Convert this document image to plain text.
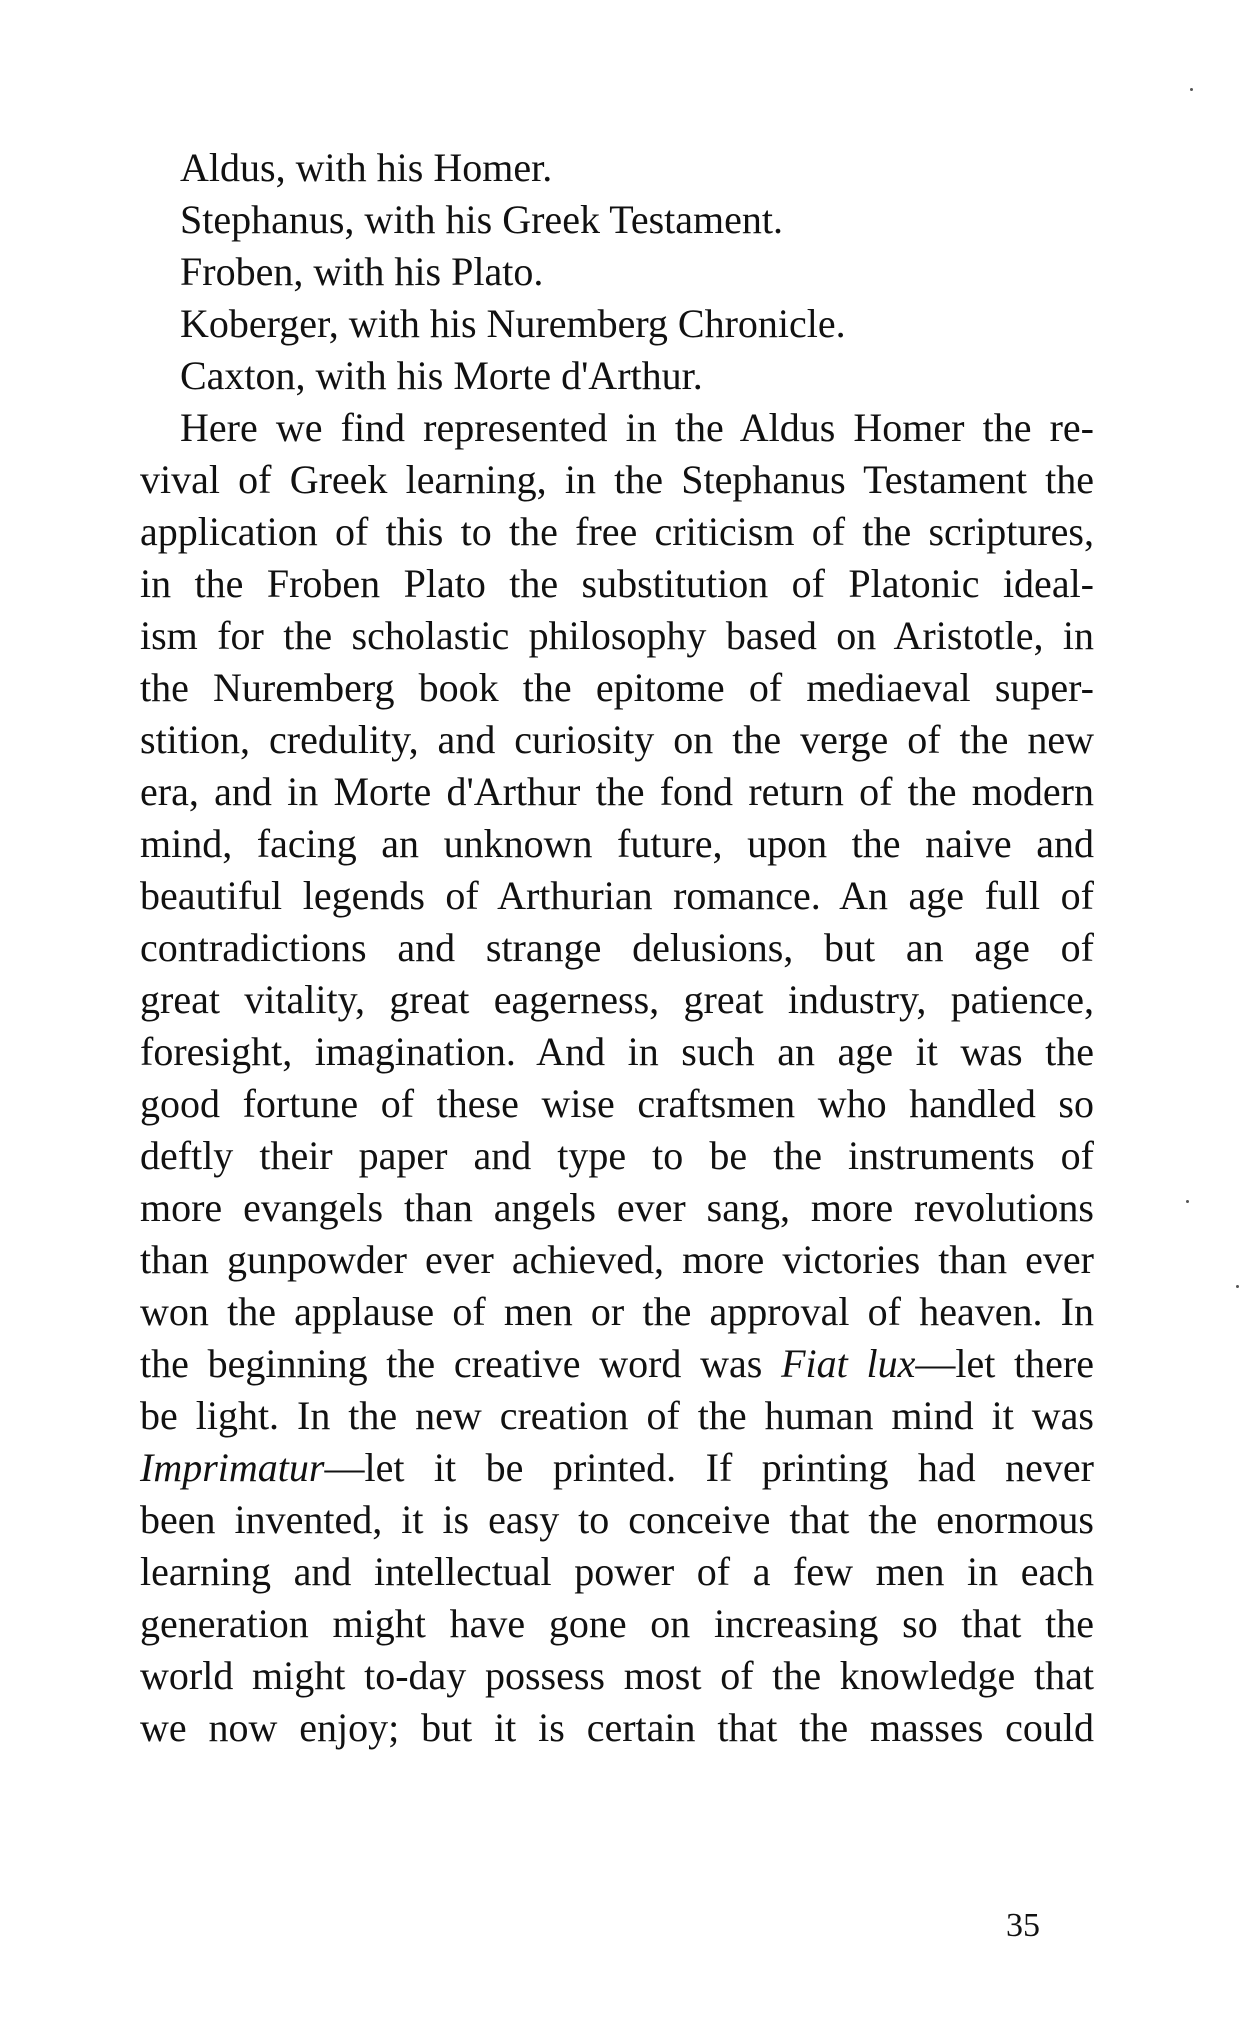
Aldus, with his Homer.
Stephanus, with his Greek Testament.
Froben, with his Plato.
Koberger, with his Nuremberg Chronicle.
Caxton, with his Morte d'Arthur.
Here we find represented in the Aldus Homer the re-
vival of Greek learning, in the Stephanus Testament the
application of this to the free criticism of the scriptures,
in the Froben Plato the substitution of Platonic ideal-
ism for the scholastic philosophy based on Aristotle, in
the Nuremberg book the epitome of mediaeval super-
stition, credulity, and curiosity on the verge of the new
era, and in Morte d'Arthur the fond return of the modern
mind, facing an unknown future, upon the naive and
beautiful legends of Arthurian romance. An age full of
contradictions and strange delusions, but an age of
great vitality, great eagerness, great industry, patience,
foresight, imagination. And in such an age it was the
good fortune of these wise craftsmen who handled so
deftly their paper and type to be the instruments of
more evangels than angels ever sang, more revolutions
than gunpowder ever achieved, more victories than ever
won the applause of men or the approval of heaven. In
the beginning the creative word was Fiat lux—let there
be light. In the new creation of the human mind it was
Imprimatur—let it be printed. If printing had never
been invented, it is easy to conceive that the enormous
learning and intellectual power of a few men in each
generation might have gone on increasing so that the
world might to-day possess most of the knowledge that
we now enjoy; but it is certain that the masses could
35
